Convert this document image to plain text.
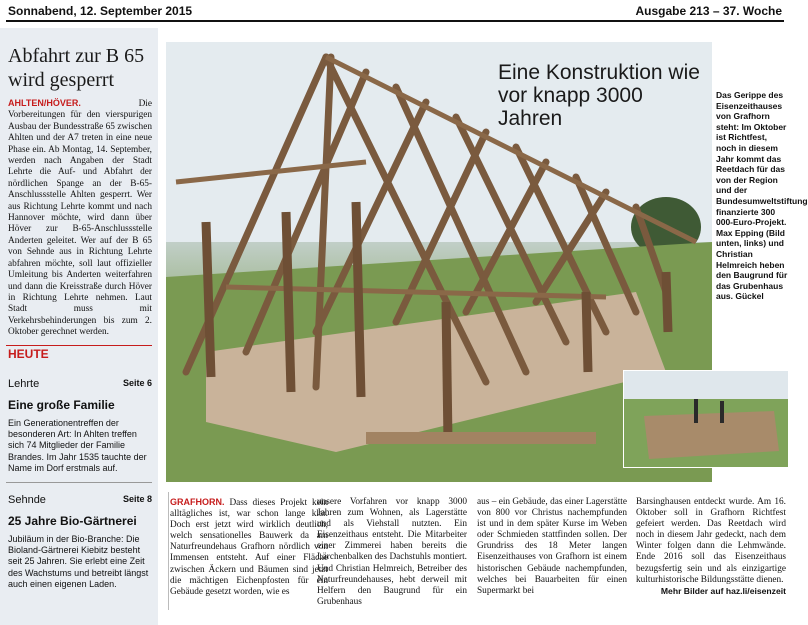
Sonnabend, 12. September 2015	Ausgabe 213 – 37. Woche
Abfahrt zur B 65 wird gesperrt
AHLTEN/HÖVER.	Die Vorbereitungen für den vierspurigen Ausbau der Bundesstraße 65 zwischen Ahlten und der A7 treten in eine neue Phase ein. Ab Montag, 14. September, werden nach Angaben der Stadt Lehrte die Auf- und Abfahrt der nördlichen Spange an der B-65-Anschlussstelle Ahlten gesperrt. Wer aus Richtung Lehrte kommt und nach Hannover möchte, wird dann über Höver zur B-65-Anschlussstelle Anderten geleitet. Wer auf der B 65 von Sehnde aus in Richtung Lehrte abfahren möchte, soll laut offizieller Umleitung bis Anderten weiterfahren und dann die Kreisstraße durch Höver in Richtung Lehrte nehmen. Laut Stadt muss mit Verkehrsbehinderungen bis zum 2. Oktober gerechnet werden.
HEUTE
Lehrte	Seite 6
Eine große Familie
Ein Generationentreffen der besonderen Art: In Ahlten treffen sich 74 Mitglieder der Familie Brandes. Im Jahr 1535 tauchte der Name im Dorf erstmals auf.
Sehnde	Seite 8
25 Jahre Bio-Gärtnerei
Jubiläum in der Bio-Branche: Die Bioland-Gärtnerei Kiebitz besteht seit 25 Jahren. Sie erlebt eine Zeit des Wachstums und betreibt längst auch einen eigenen Laden.
Eine Konstruktion wie vor knapp 3000 Jahren
Das Gerippe des Eisenzeithauses von Grafhorn steht: Im Oktober ist Richtfest, noch in diesem Jahr kommt das Reetdach für das von der Region und der Bundesumweltstiftung finanzierte 300 000-Euro-Projekt. Max Epping (Bild unten, links) und Christian Helmreich heben den Baugrund für das Grubenhaus aus. Gückel
GRAFHORN. Dass dieses Projekt kein alltägliches ist, war schon lange klar. Doch erst jetzt wird wirklich deutlich, welch sensationelles Bauwerk da am Naturfreundehaus Grafhorn nördlich von Immensen entsteht. Auf einer Fläche zwischen Äckern und Bäumen sind jetzt die mächtigen Eichenpfosten für ein Gebäude gesetzt worden, wie es
unsere Vorfahren vor knapp 3000 Jahren zum Wohnen, als Lagerstätte und als Viehstall nutzten. Ein Eisenzeithaus entsteht. Die Mitarbeiter einer Zimmerei haben bereits die Lärchenbalken des Dachstuhls montiert. Und Christian Helmreich, Betreiber des Naturfreundehauses, hebt derweil mit Helfern den Baugrund für ein Grubenhaus
aus – ein Gebäude, das einer Lagerstätte von 800 vor Christus nachempfunden ist und in dem später Kurse im Weben oder Schmieden stattfinden sollen. Der Grundriss des 18 Meter langen Eisenzeithauses von Grafhorn ist einem historischen Gebäude nachempfunden, welches bei Bauarbeiten für einen Supermarkt bei
Barsinghausen entdeckt wurde. Am 16. Oktober soll in Grafhorn Richtfest gefeiert werden. Das Reetdach wird noch in diesem Jahr gedeckt, nach dem Winter folgen dann die Lehmwände. Ende 2016 soll das Eisenzeithaus bezugsfertig sein und als einzigartige kulturhistorische Bildungsstätte dienen.
Mehr Bilder auf haz.li/eisenzeit
